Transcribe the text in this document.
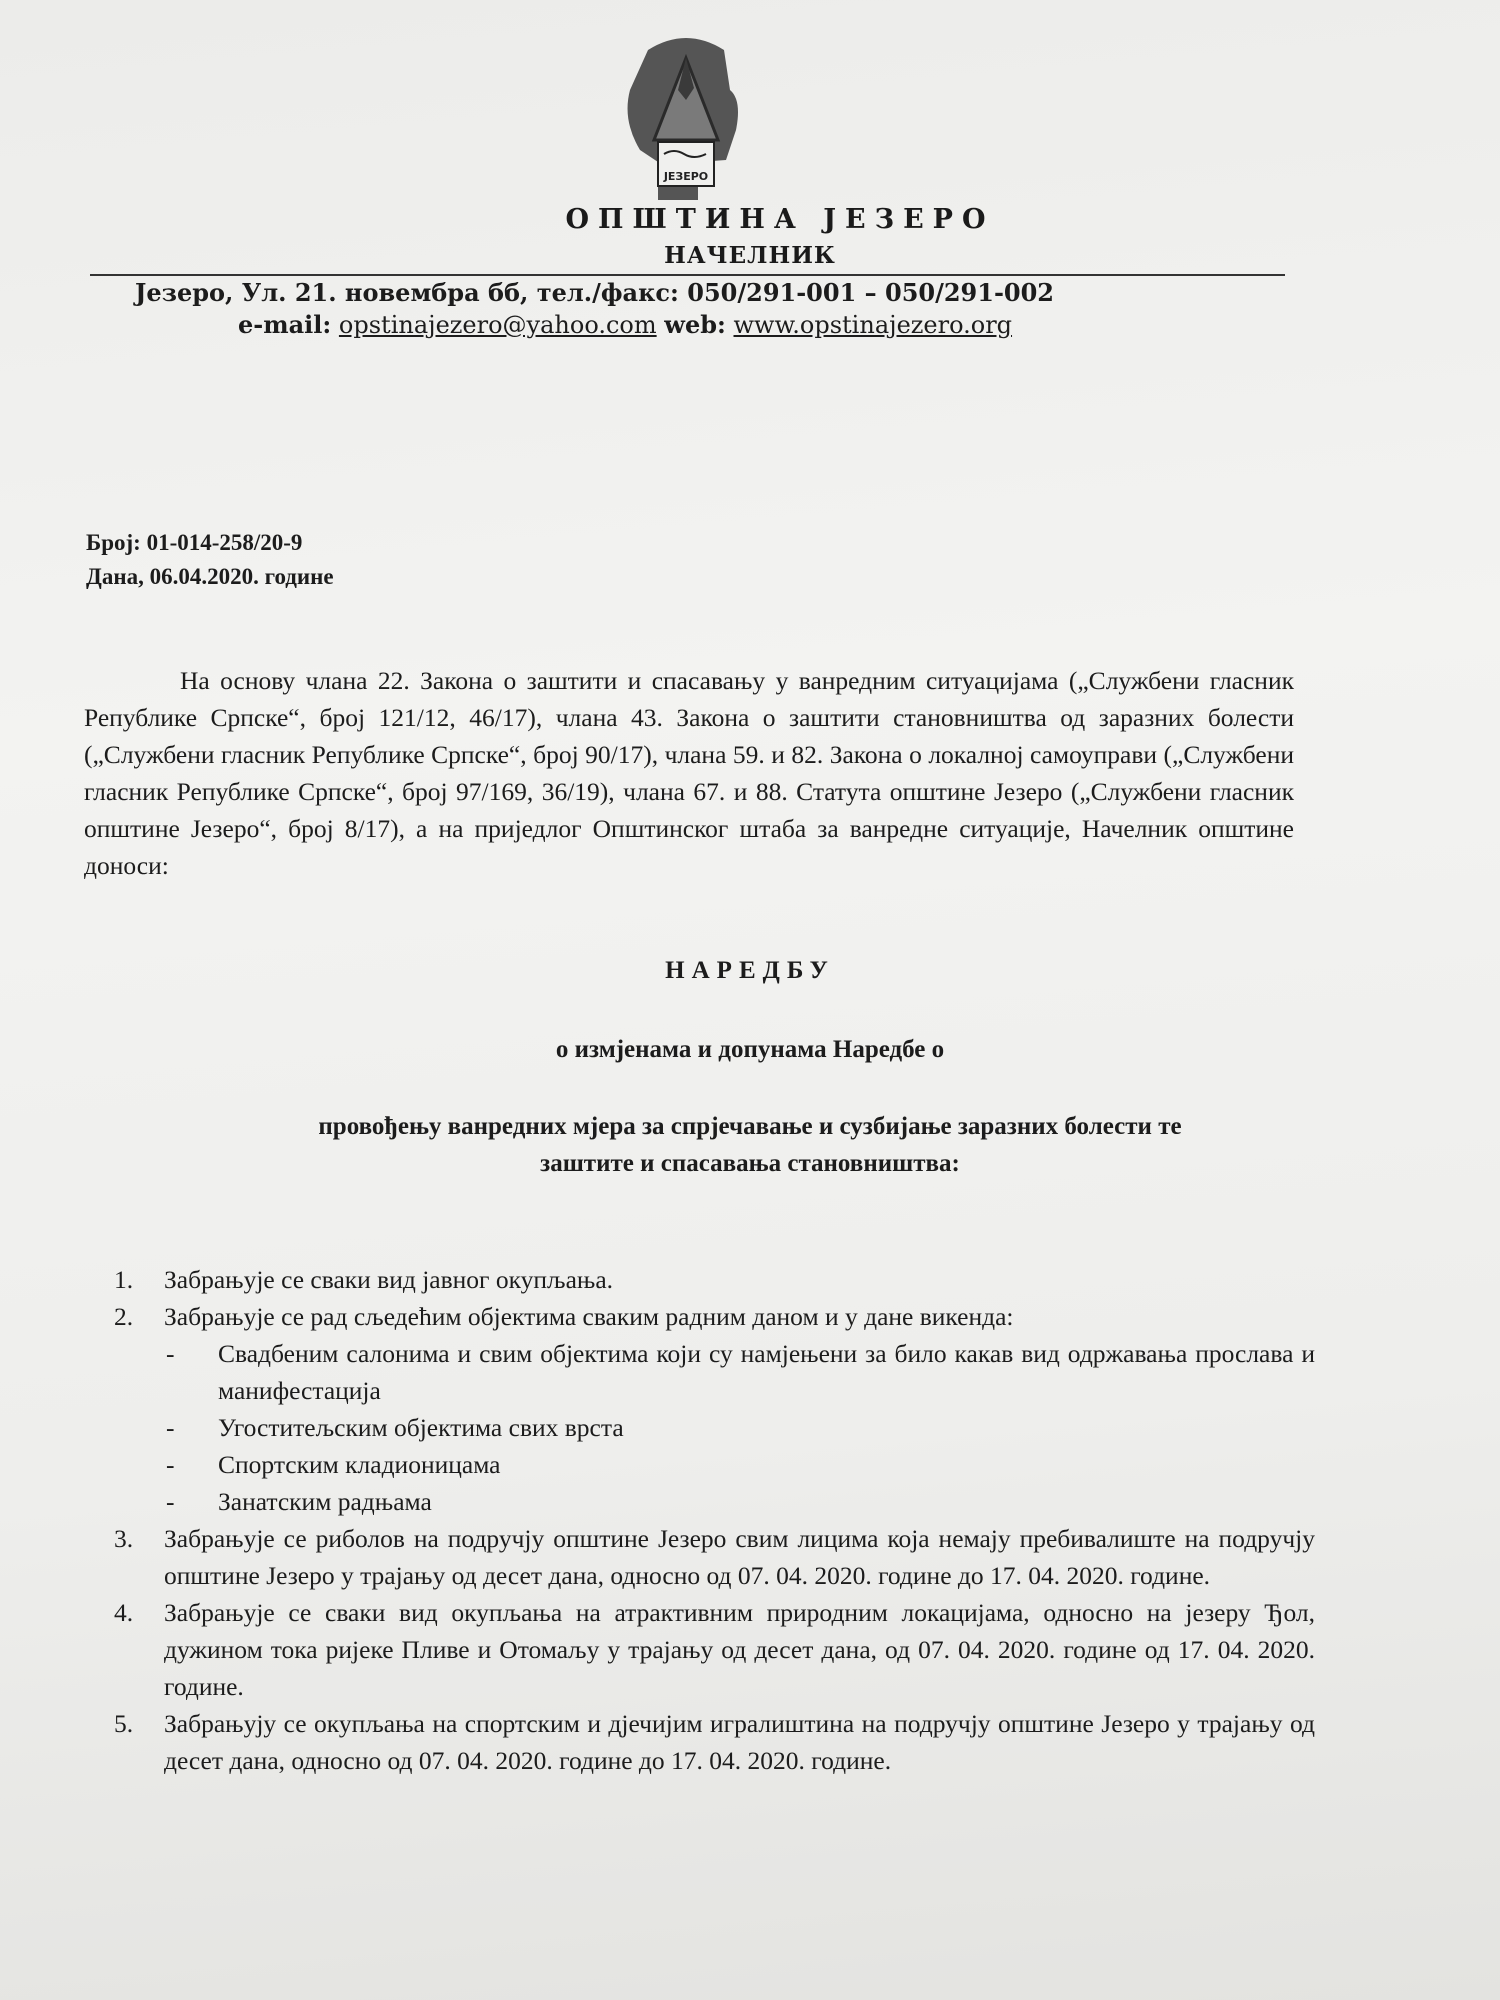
ЈЕЗЕРО
ОПШТИНА ЈЕЗЕРО
НАЧЕЛНИК
Језеро, Ул. 21. новембра бб, тел./факс: 050/291-001 – 050/291-002
e-mail: opstinajezero@yahoo.com web: www.opstinajezero.org
Број: 01-014-258/20-9
Дана, 06.04.2020. године
На основу члана 22. Закона о заштити и спасавању у ванредним ситуацијама („Службени гласник Републике Српске“, број 121/12, 46/17), члана 43. Закона о заштити становништва од заразних болести („Службени гласник Републике Српске“, број 90/17), члана 59. и 82. Закона о локалној самоуправи („Службени гласник Републике Српске“, број 97/169, 36/19), члана 67. и 88. Статута општине Језеро („Службени гласник општине Језеро“, број 8/17), а на приједлог Општинског штаба за ванредне ситуације, Начелник општине доноси:
НАРЕДБУ
о измјенама и допунама Наредбе о
провођењу ванредних мјера за спрјечавање и сузбијање заразних болести те
заштите и спасавања становништва:
1. Забрањује се сваки вид јавног окупљања.
2. Забрањује се рад сљедећим објектима сваким радним даном и у дане викенда:
- Свадбеним салонима и свим објектима који су намјењени за било какав вид одржавања прослава и манифестација
- Угоститељским објектима свих врста
- Спортским кладионицама
- Занатским радњама
3. Забрањује се риболов на подручју општине Језеро свим лицима која немају пребивалиште на подручју општине Језеро у трајању од десет дана, односно од 07. 04. 2020. године до 17. 04. 2020. године.
4. Забрањује се сваки вид окупљања на атрактивним природним локацијама, односно на језеру Ђол, дужином тока ријеке Пливе и Отомаљу у трајању од десет дана, од 07. 04. 2020. године од 17. 04. 2020. године.
5. Забрањују се окупљања на спортским и дјечијим игралиштина на подручју општине Језеро у трајању од десет дана, односно од 07. 04. 2020. године до 17. 04. 2020. године.
